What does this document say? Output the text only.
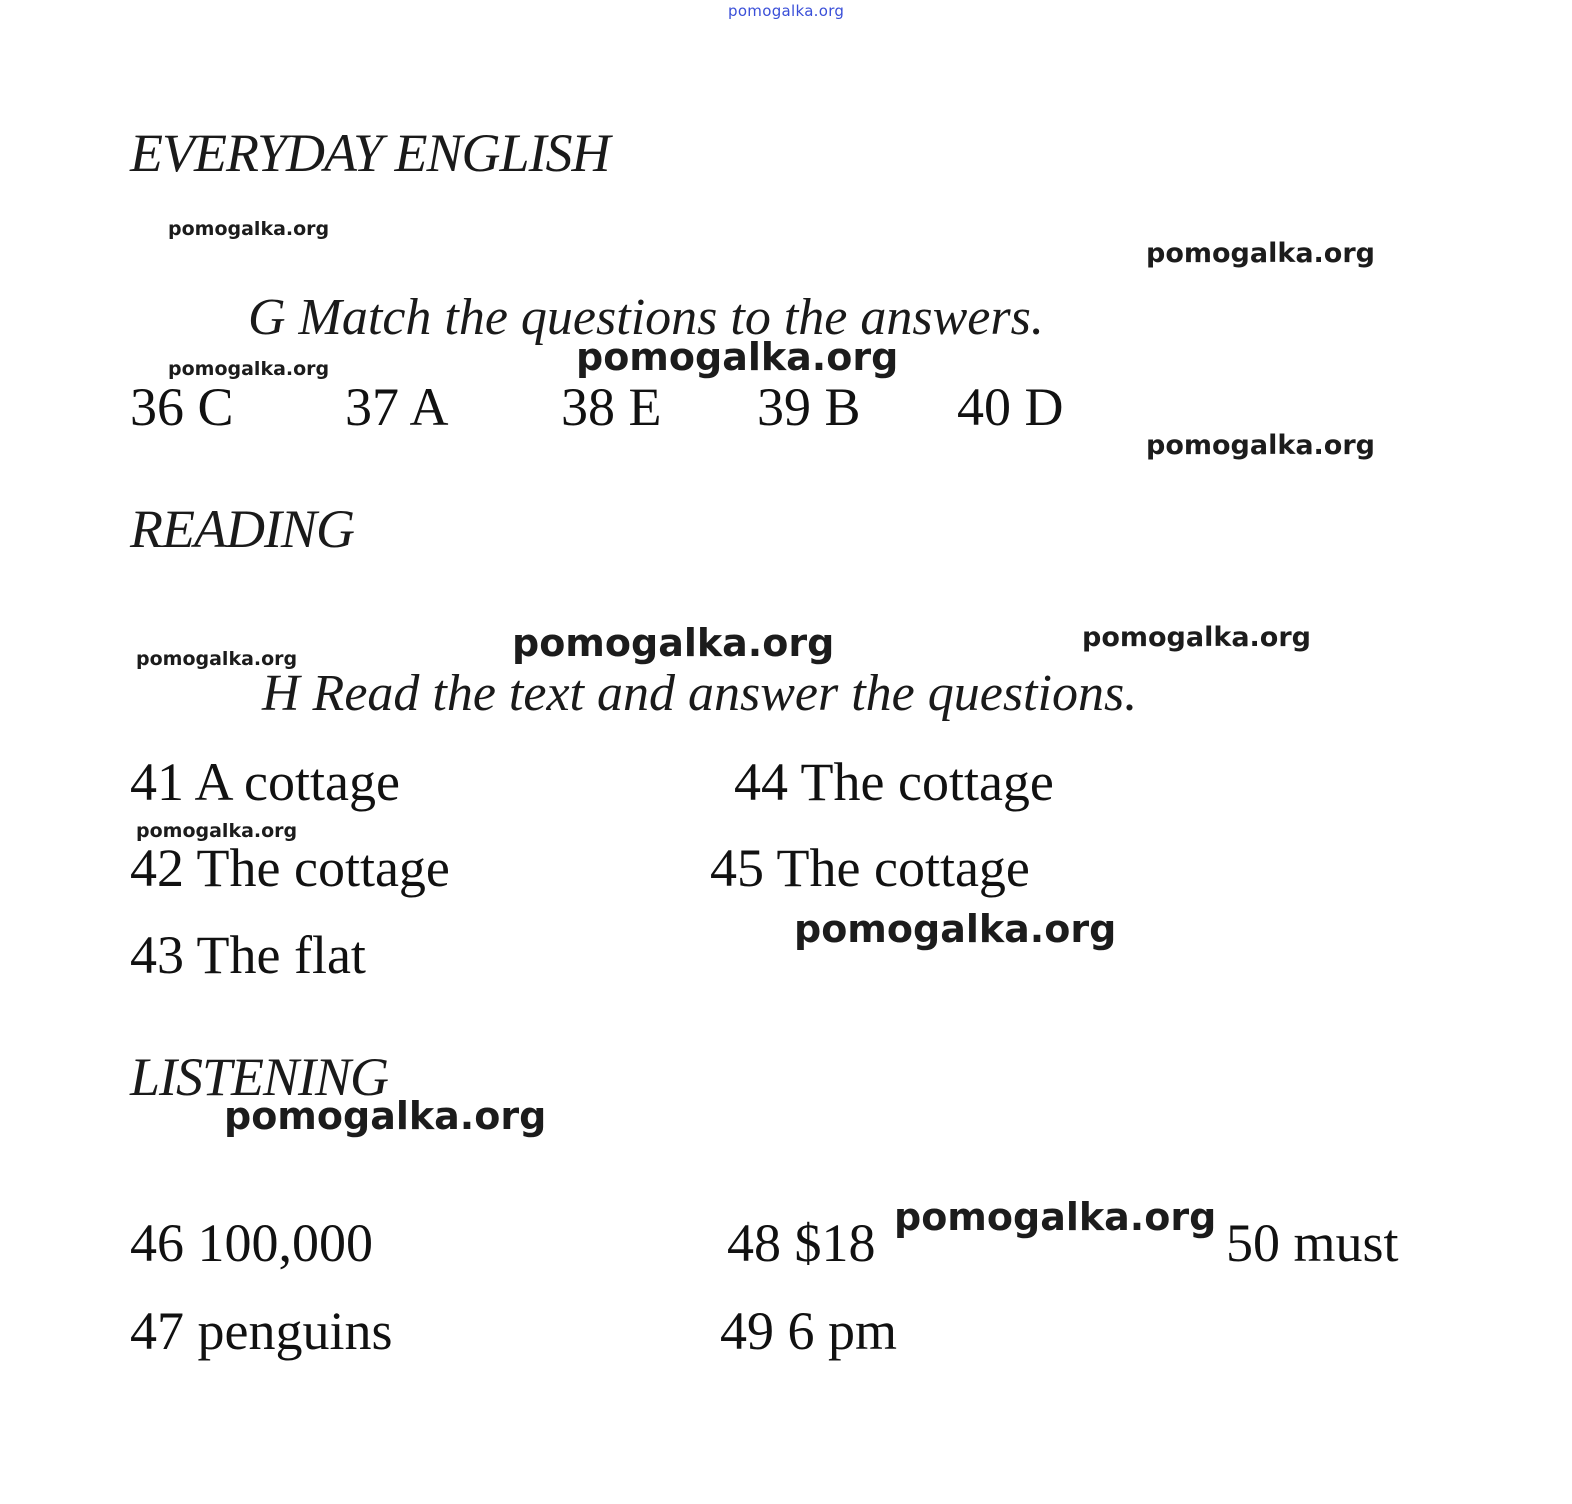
pomogalka.org
EVERYDAY ENGLISH
pomogalka.org
pomogalka.org
G Match the questions to the answers.
pomogalka.org
pomogalka.org
36 C 37 A 38 E 39 B 40 D
pomogalka.org
READING
pomogalka.org	pomogalka.org
pomogalka.org
H Read the text and answer the questions.
41 A cottage	44 The cottage
pomogalka.org
42 The cottage	45 The cottage
pomogalka.org
43 The flat
LISTENING
pomogalka.org
46 100,000	48 $18 pomogalka.org 50 must
47 penguins	49 6 pm
